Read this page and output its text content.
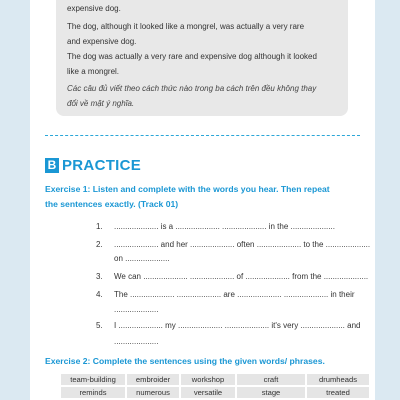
expensive dog.
The dog, although it looked like a mongrel, was actually a very rare
and expensive dog.
The dog was actually a very rare and expensive dog although it looked
like a mongrel.
Các câu đủ viết theo cách thức nào trong ba cách trên đều không thay
đổi về mặt ý nghĩa.
B PRACTICE
Exercise 1: Listen and complete with the words you hear. Then repeat
the sentences exactly. (Track 01)
1. .................... is a .................... .................... in the ....................
2. .................... and her .................... often .................... to the ....................
on ....................
3. We can .................... .................... of .................... from the ....................
4. The .................... .................... are .................... .................... in their
....................
5. I .................... my .................... .................... it's very .................... and
....................
Exercise 2: Complete the sentences using the given words/ phrases.
team-building	embroider	workshop	craft	drumheads
reminds	numerous	versatile	stage	treated
